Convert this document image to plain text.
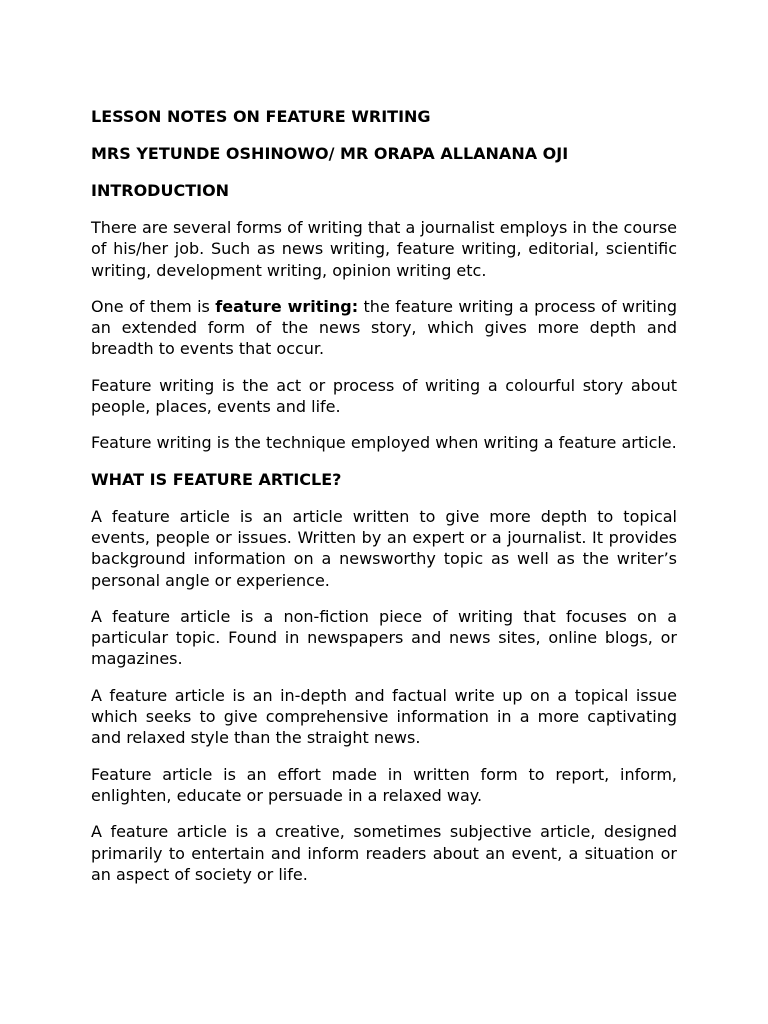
LESSON NOTES ON FEATURE WRITING
MRS YETUNDE OSHINOWO/ MR ORAPA ALLANANA OJI
INTRODUCTION

There are several forms of writing that a journalist employs in the course of his/her job. Such as news writing, feature writing, editorial, scientific writing, development writing, opinion writing etc.

One of them is feature writing: the feature writing a process of writing an extended form of the news story, which gives more depth and breadth to events that occur.

Feature writing is the act or process of writing a colourful story about people, places, events and life.

Feature writing is the technique employed when writing a feature article.

WHAT IS FEATURE ARTICLE?

A feature article is an article written to give more depth to topical events, people or issues. Written by an expert or a journalist. It provides background information on a newsworthy topic as well as the writer’s personal angle or experience.

A feature article is a non-fiction piece of writing that focuses on a particular topic. Found in newspapers and news sites, online blogs, or magazines.

A feature article is an in-depth and factual write up on a topical issue which seeks to give comprehensive information in a more captivating and relaxed style than the straight news.

Feature article is an effort made in written form to report, inform, enlighten, educate or persuade in a relaxed way.

A feature article is a creative, sometimes subjective article, designed primarily to entertain and inform readers about an event, a situation or an aspect of society or life.
